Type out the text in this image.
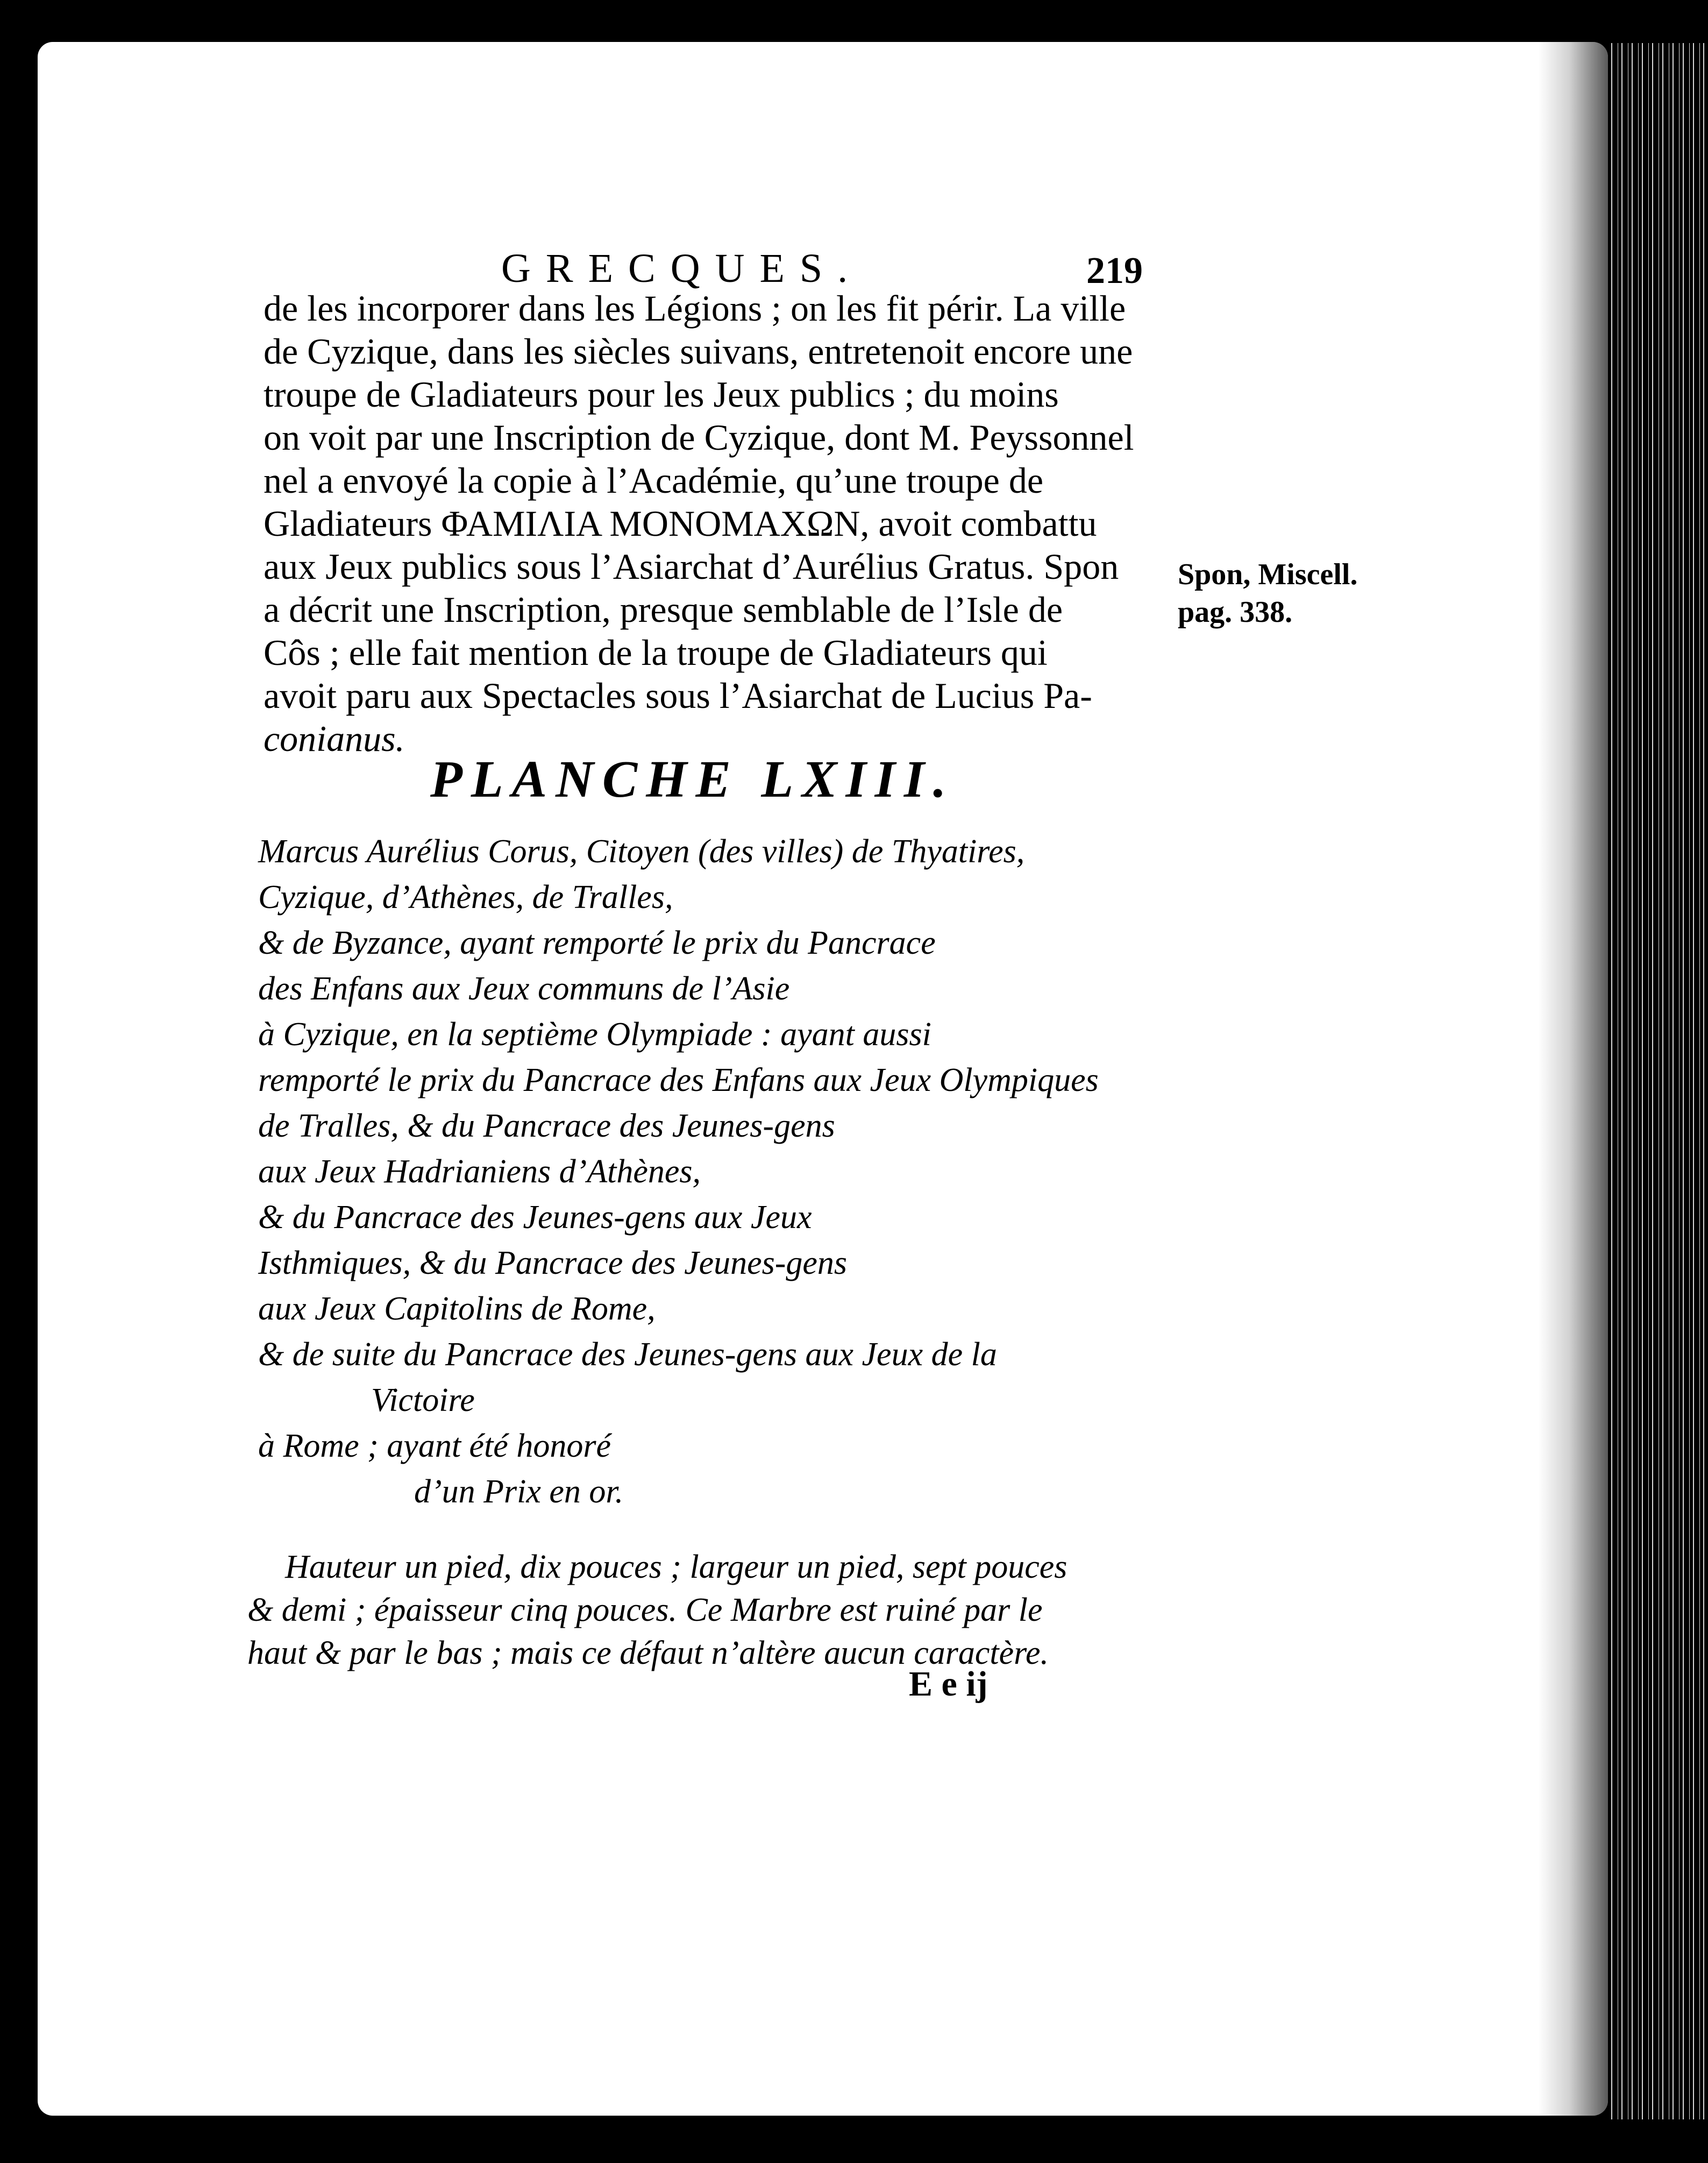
GRECQUES.	219
de les incorporer dans les Légions ; on les fit périr. La ville
de Cyzique, dans les siècles suivans, entretenoit encore une
troupe de Gladiateurs pour les Jeux publics ; du moins
on voit par une Inscription de Cyzique, dont M. Peyssonnel
nel a envoyé la copie à l’Académie, qu’une troupe de
Gladiateurs ΦΑΜΙΛΙΑ ΜΟΝΟΜΑΧΩΝ, avoit combattu
aux Jeux publics sous l’Asiarchat d’Aurélius Gratus. Spon
a décrit une Inscription, presque semblable de l’Isle de
Côs ; elle fait mention de la troupe de Gladiateurs qui
avoit paru aux Spectacles sous l’Asiarchat de Lucius Pa-
conianus.
Spon, Miscell.
pag. 338.
PLANCHE LXIII.
Marcus Aurélius Corus, Citoyen (des villes) de Thyatires,
Cyzique, d’Athènes, de Tralles,
& de Byzance, ayant remporté le prix du Pancrace
des Enfans aux Jeux communs de l’Asie
à Cyzique, en la septième Olympiade : ayant aussi
remporté le prix du Pancrace des Enfans aux Jeux Olympiques
de Tralles, & du Pancrace des Jeunes-gens
aux Jeux Hadrianiens d’Athènes,
& du Pancrace des Jeunes-gens aux Jeux
Isthmiques, & du Pancrace des Jeunes-gens
aux Jeux Capitolins de Rome,
& de suite du Pancrace des Jeunes-gens aux Jeux de la
Victoire
à Rome ; ayant été honoré
d’un Prix en or.
Hauteur un pied, dix pouces ; largeur un pied, sept pouces
& demi ; épaisseur cinq pouces. Ce Marbre est ruiné par le
haut & par le bas ; mais ce défaut n’altère aucun caractère.
E e ij
